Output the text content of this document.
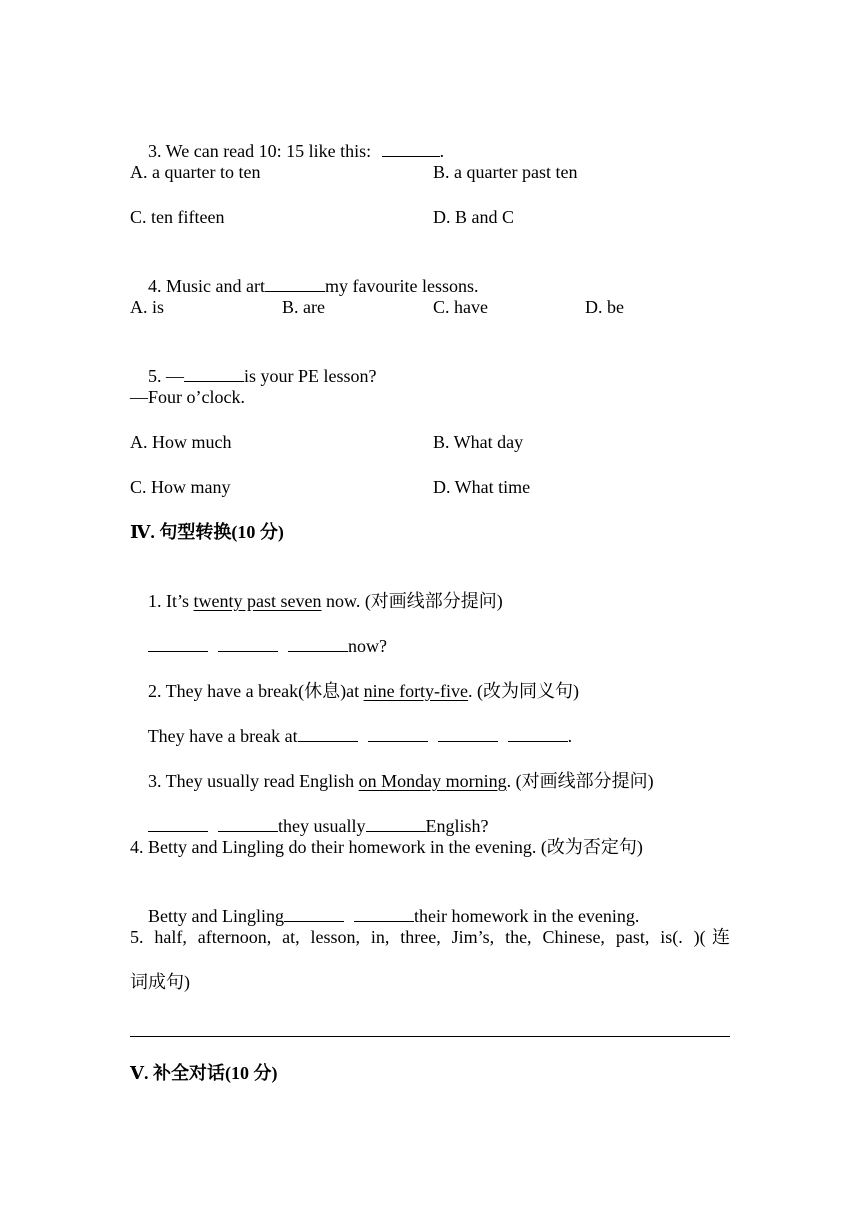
3. We can read 10: 15 like this:	.

A. a quarter to ten	B. a quarter past ten
C. ten fifteen	D. B and C

4. Music and art	my favourite lessons.

A. is	B. are	C. have	D. be

5. —	is your PE lesson?

—Four o’clock.
A. How much	B. What day
C. How many	D. What time
Ⅳ. 句型转换(10 分)

1. It’s twenty past seven now. (对画线部分提问)

now?

2. They have a break(休息)at nine forty-five. (改为同义句)

They have a break at	.

3. They usually read English on Monday morning. (对画线部分提问)

they usually	English?

4. Betty and Lingling do their homework in the evening. (改为否定句)

Betty and Lingling	their homework in the evening.

5. half, afternoon, at, lesson, in, three, Jim’s, the, Chinese, past, is(. )(连
词成句)
Ⅴ. 补全对话(10 分)
